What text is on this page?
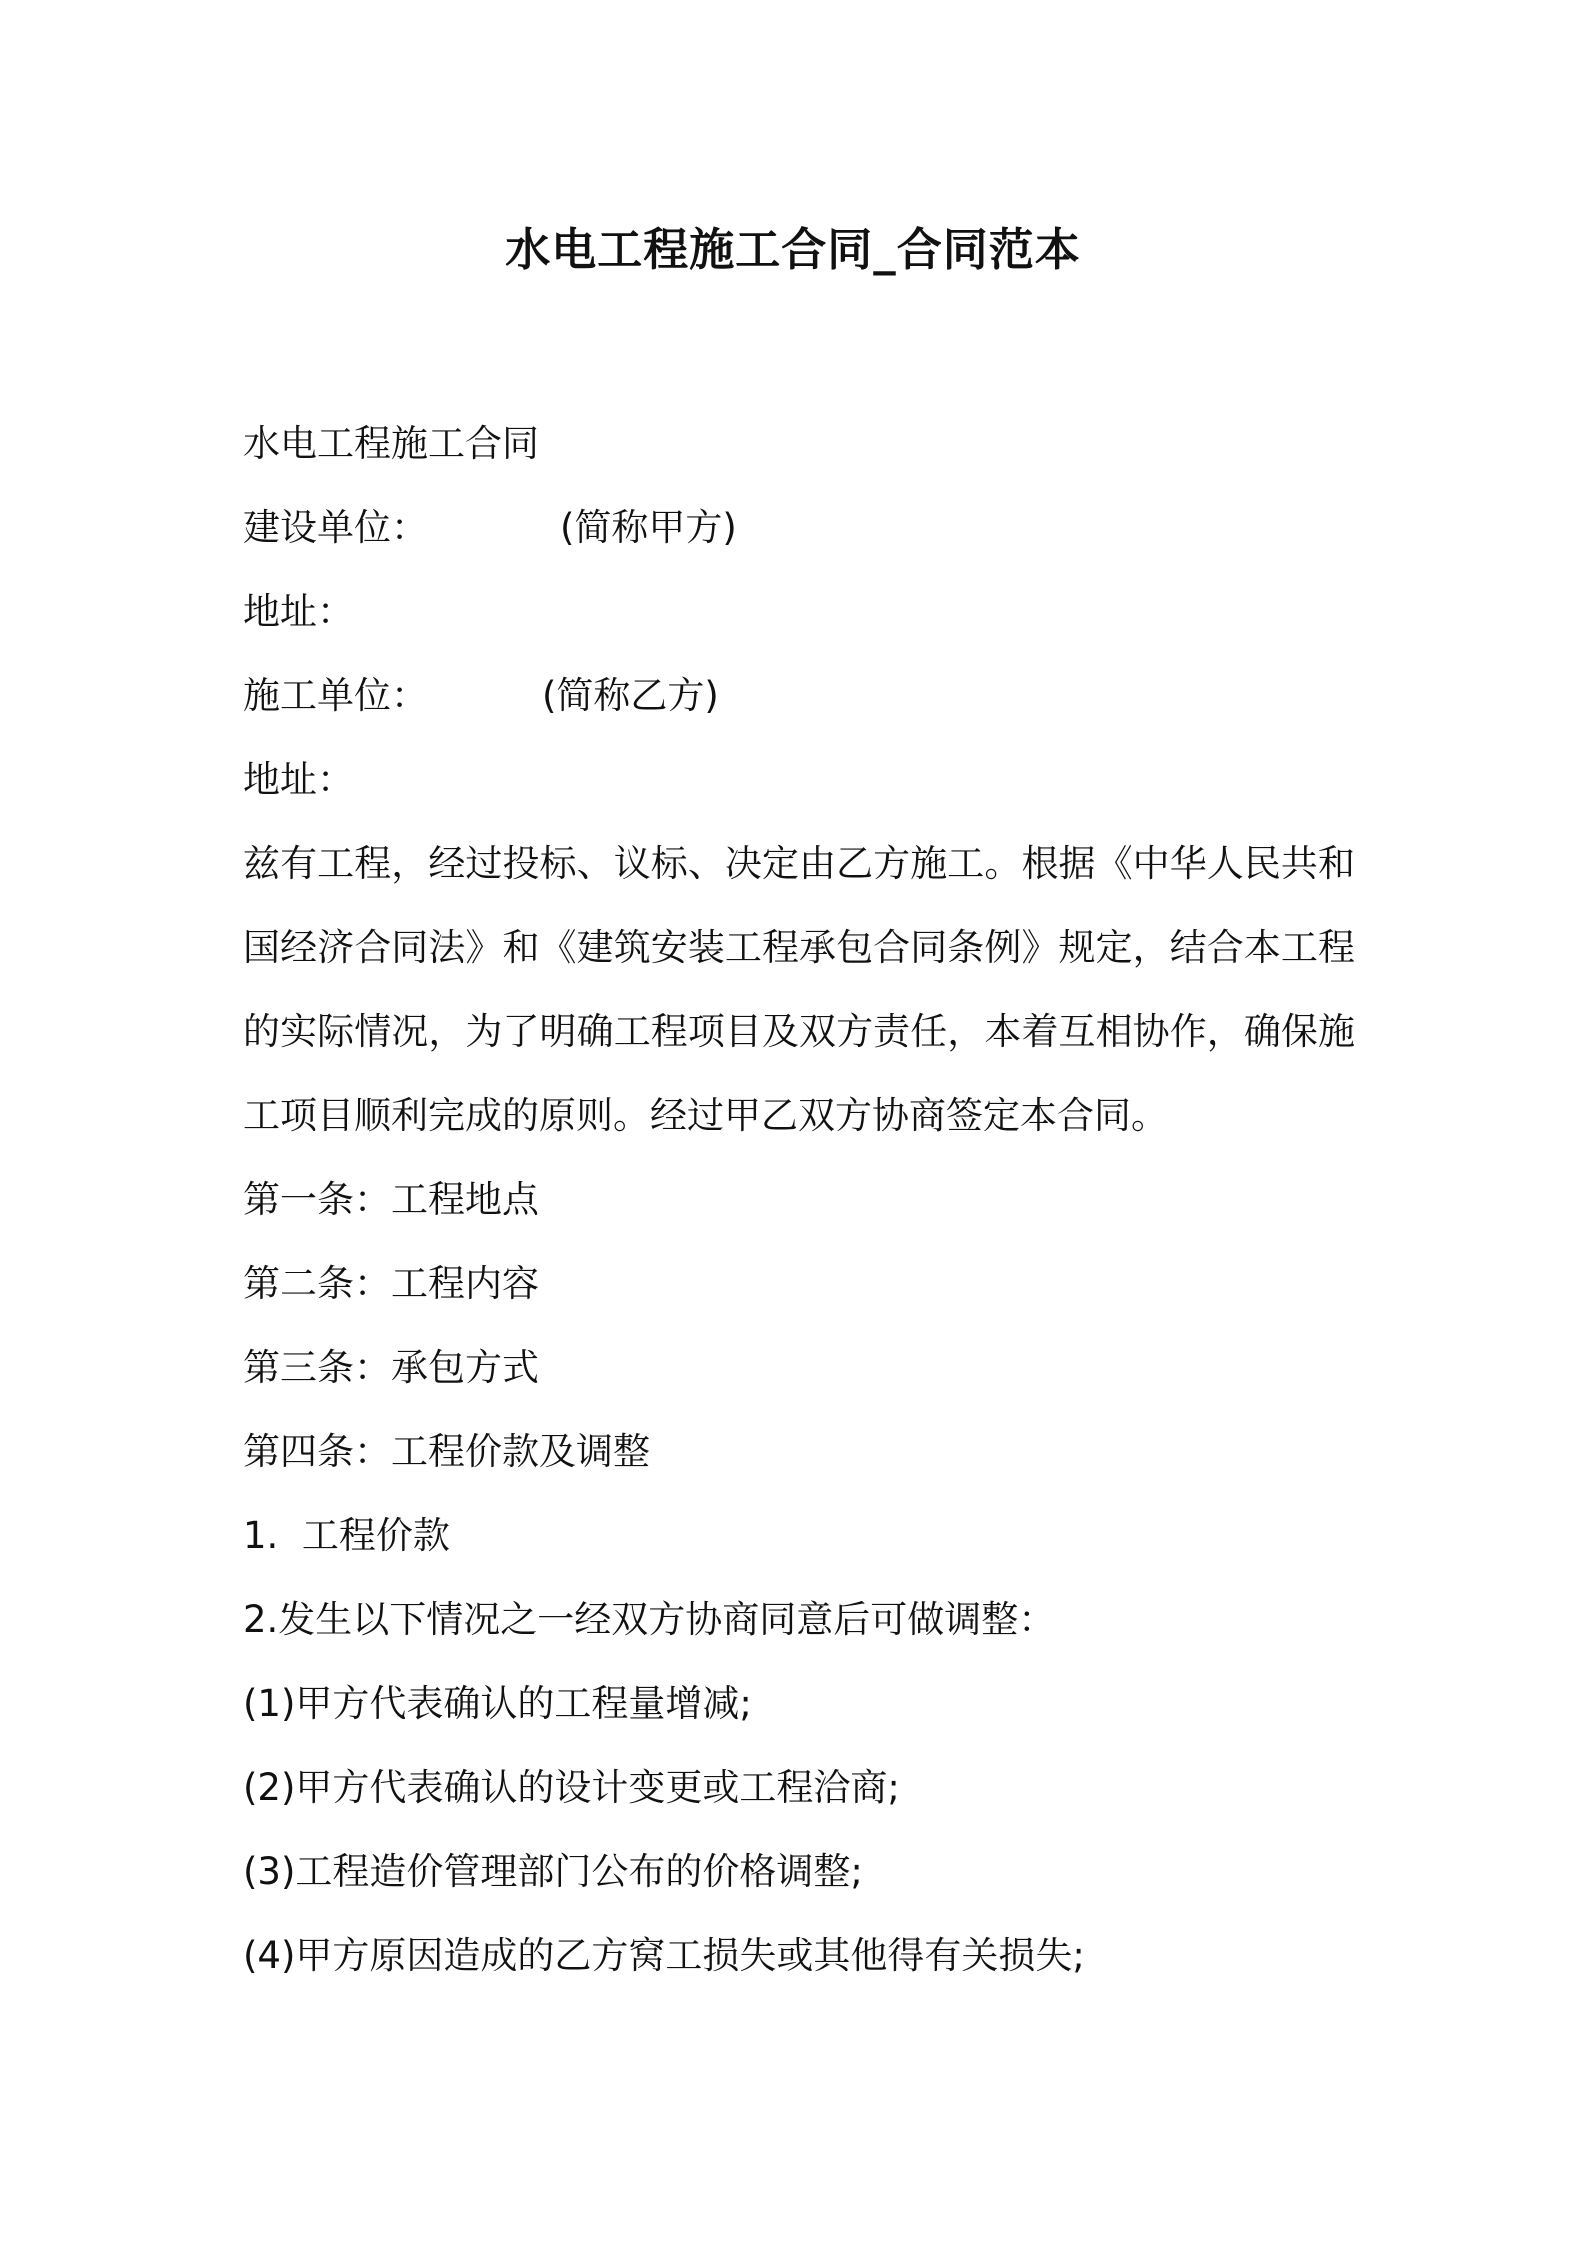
水电工程施工合同_合同范本
水电工程施工合同
建设单位：	(简称甲方)
地址：
施工单位：	(简称乙方)
地址：

兹有工程，经过投标、议标、决定由乙方施工。根据《中华人民共和国经济合同法》和《建筑安装工程承包合同条例》规定，结合本工程的实际情况，为了明确工程项目及双方责任，本着互相协作，确保施工项目顺利完成的原则。经过甲乙双方协商签定本合同。

第一条：工程地点
第二条：工程内容
第三条：承包方式
第四条：工程价款及调整
1.  工程价款
2.发生以下情况之一经双方协商同意后可做调整：
(1)甲方代表确认的工程量增减;
(2)甲方代表确认的设计变更或工程洽商;
(3)工程造价管理部门公布的价格调整;
(4)甲方原因造成的乙方窝工损失或其他得有关损失;
